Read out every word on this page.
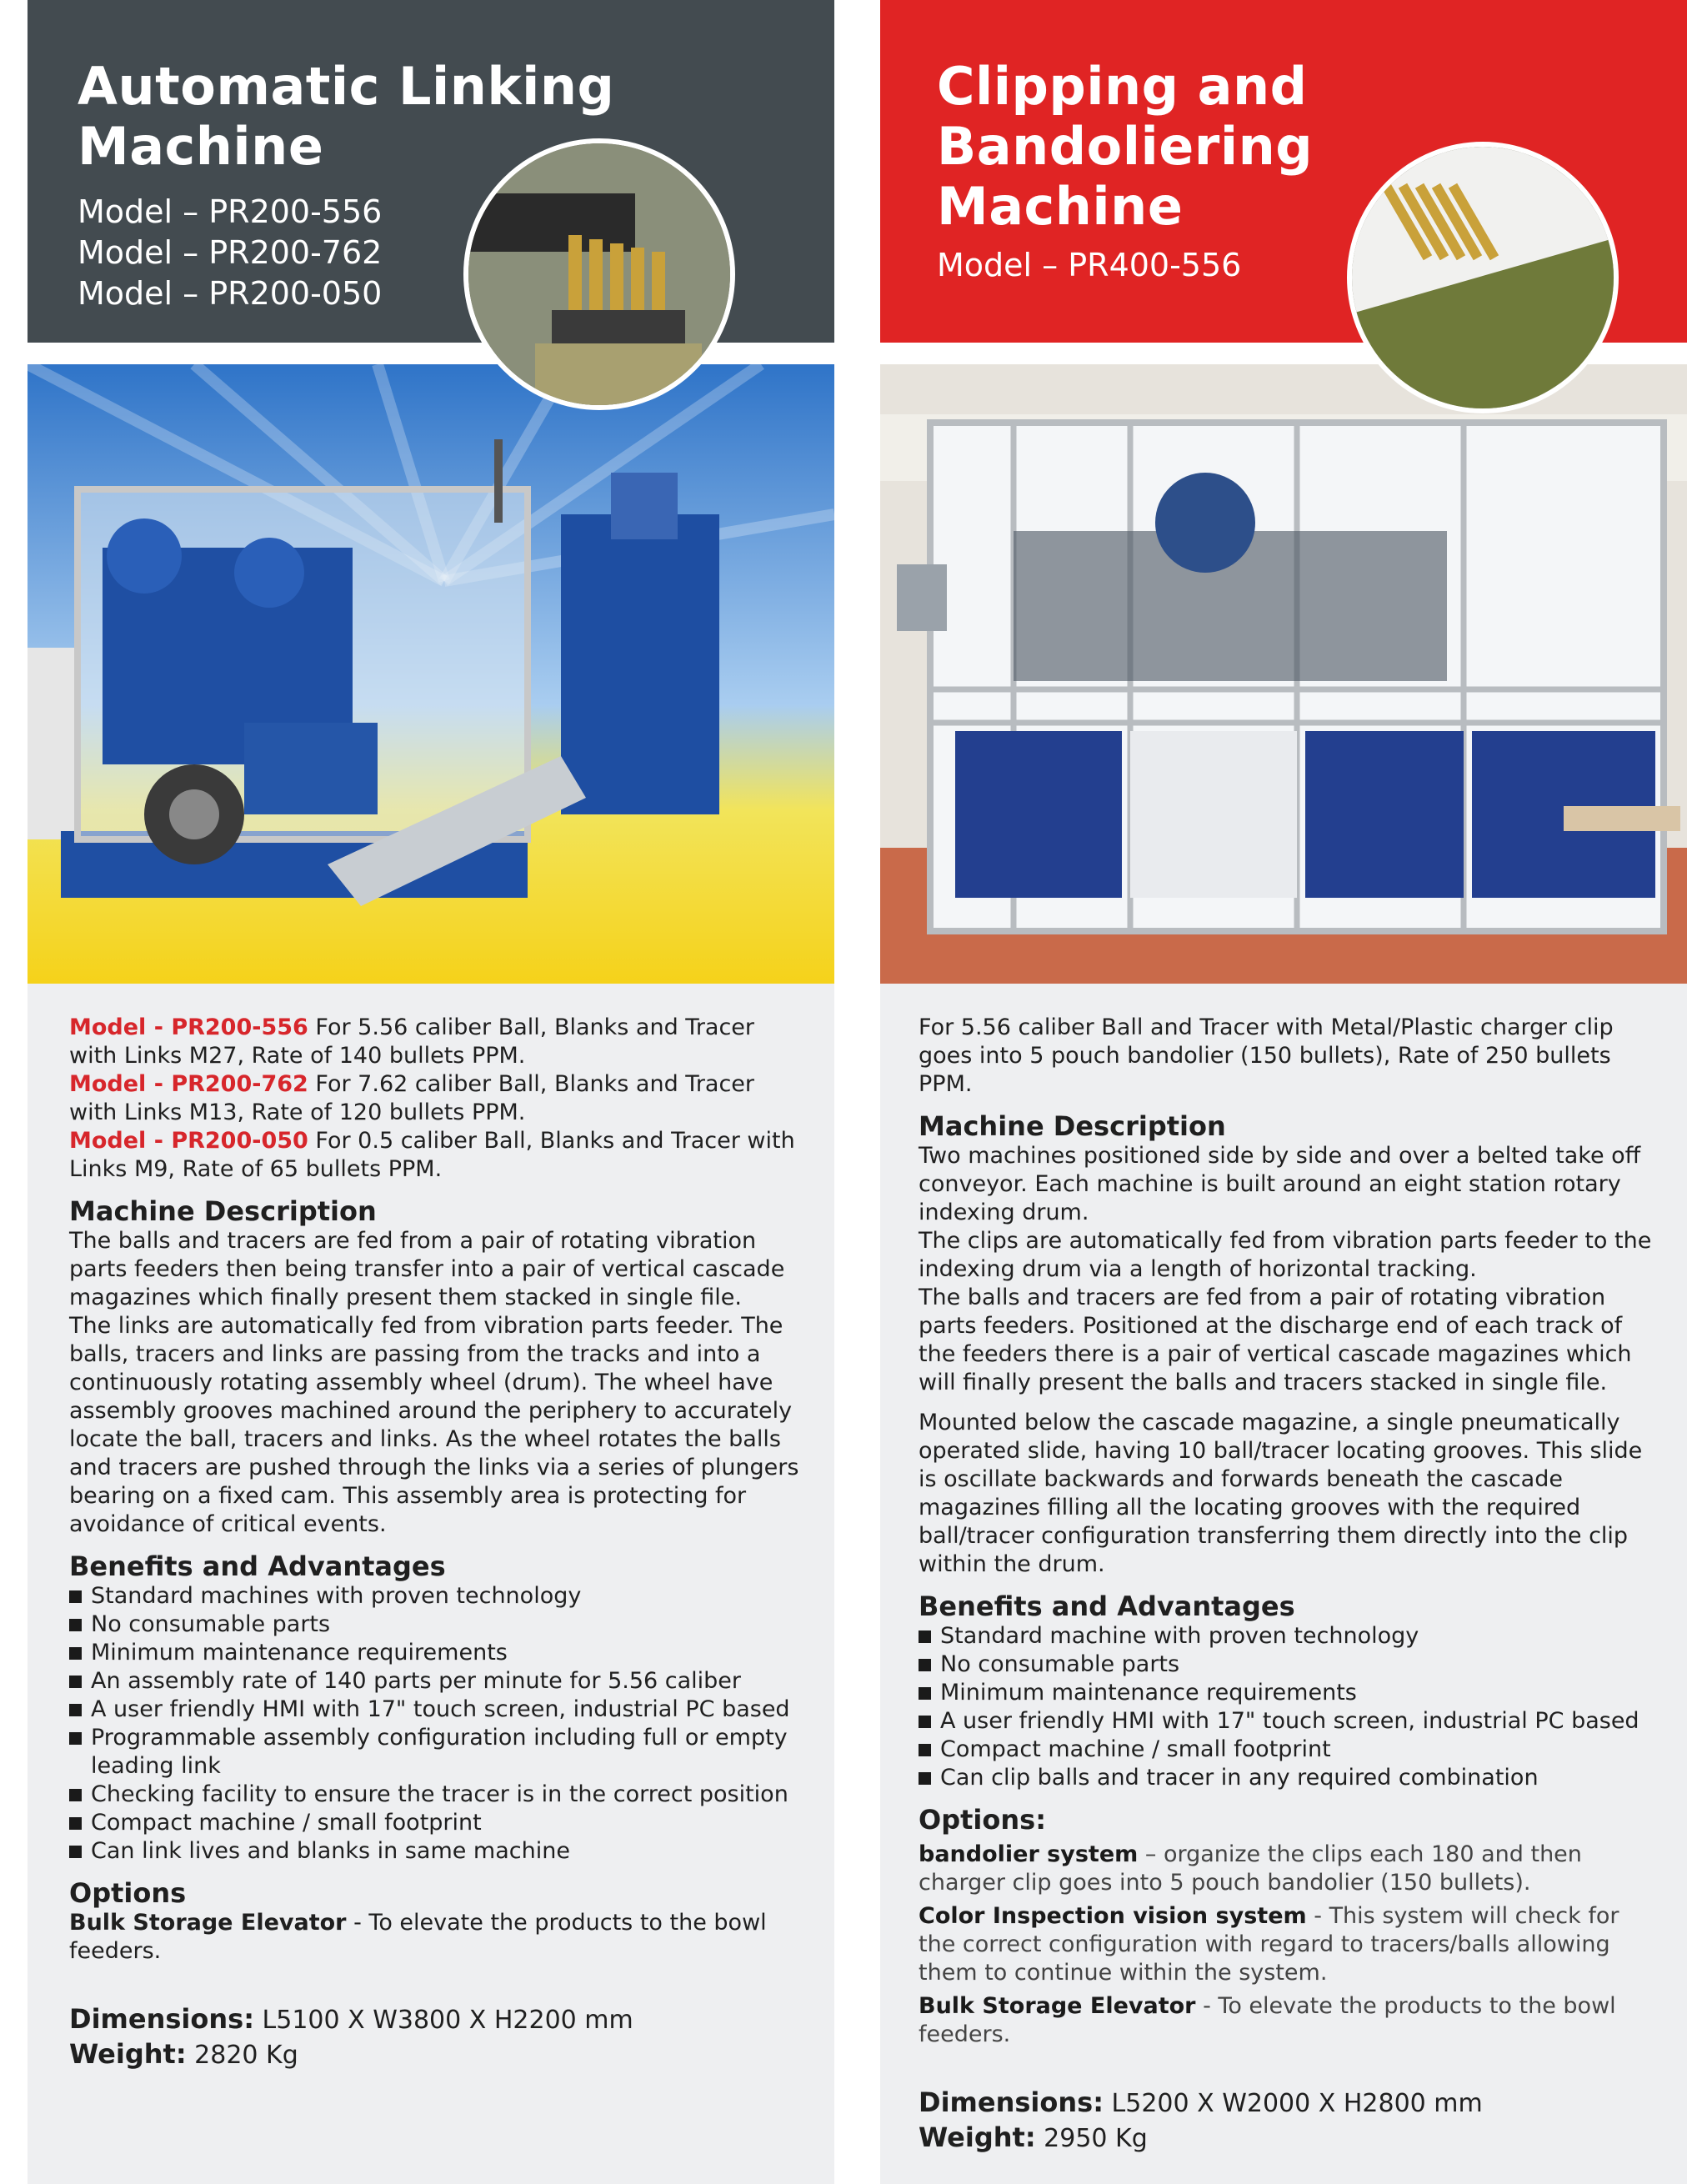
Automatic Linking
Machine
Model – PR200-556
Model – PR200-762
Model – PR200-050

Model - PR200-556 For 5.56 caliber Ball, Blanks and Tracer with Links M27, Rate of 140 bullets PPM.

Model - PR200-762 For 7.62 caliber Ball, Blanks and Tracer with Links M13, Rate of 120 bullets PPM.

Model - PR200-050 For 0.5 caliber Ball, Blanks and Tracer with Links M9, Rate of 65 bullets PPM.

Machine Description

The balls and tracers are fed from a pair of rotating vibration parts feeders then being transfer into a pair of vertical cascade magazines which finally present them stacked in single file.

The links are automatically fed from vibration parts feeder. The balls, tracers and links are passing from the tracks and into a continuously rotating assembly wheel (drum). The wheel have assembly grooves machined around the periphery to accurately locate the ball, tracers and links. As the wheel rotates the balls and tracers are pushed through the links via a series of plungers bearing on a fixed cam. This assembly area is protecting for avoidance of critical events.

Benefits and Advantages
Standard machines with proven technology
No consumable parts
Minimum maintenance requirements
An assembly rate of 140 parts per minute for 5.56 caliber
A user friendly HMI with 17" touch screen, industrial PC based
Programmable assembly configuration including full or empty leading link
Checking facility to ensure the tracer is in the correct position
Compact machine / small footprint
Can link lives and blanks in same machine
Options

Bulk Storage Elevator - To elevate the products to the bowl feeders.

Dimensions: L5100 X W3800 X H2200 mm
Weight: 2820 Kg
Clipping and Bandoliering
Machine
Model – PR400-556

For 5.56 caliber Ball and Tracer with Metal/Plastic charger clip goes into 5 pouch bandolier (150 bullets), Rate of 250 bullets PPM.

Machine Description

Two machines positioned side by side and over a belted take off conveyor. Each machine is built around an eight station rotary indexing drum.

The clips are automatically fed from vibration parts feeder to the indexing drum via a length of horizontal tracking.

The balls and tracers are fed from a pair of rotating vibration parts feeders. Positioned at the discharge end of each track of the feeders there is a pair of vertical cascade magazines which will finally present the balls and tracers stacked in single file.

Mounted below the cascade magazine, a single pneumatically operated slide, having 10 ball/tracer locating grooves. This slide is oscillate backwards and forwards beneath the cascade magazines filling all the locating grooves with the required ball/tracer configuration transferring them directly into the clip within the drum.

Benefits and Advantages
Standard machine with proven technology
No consumable parts
Minimum maintenance requirements
A user friendly HMI with 17" touch screen, industrial PC based
Compact machine / small footprint
Can clip balls and tracer in any required combination
Options:

bandolier system – organize the clips each 180 and then charger clip goes into 5 pouch bandolier (150 bullets).

Color Inspection vision system - This system will check for the correct configuration with regard to tracers/balls allowing them to continue within the system.

Bulk Storage Elevator - To elevate the products to the bowl feeders.

Dimensions: L5200 X W2000 X H2800 mm
Weight: 2950 Kg
